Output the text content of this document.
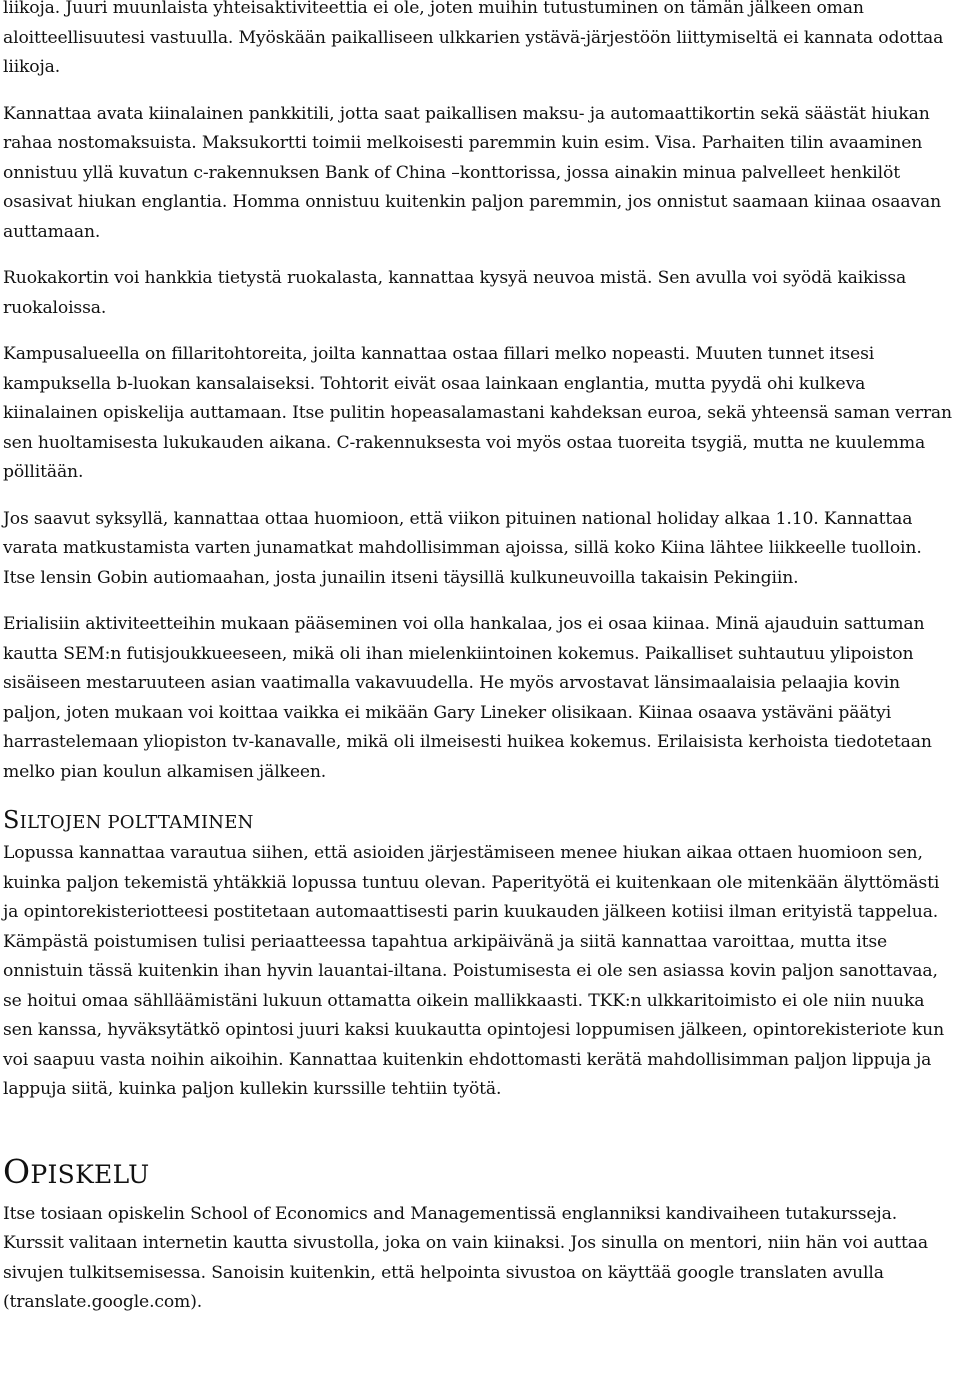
liikoja. Juuri muunlaista yhteisaktiviteettia ei ole, joten muihin tutustuminen on tämän jälkeen oman aloitteellisuutesi vastuulla. Myöskään paikalliseen ulkkarien ystävä-järjestöön liittymiseltä ei kannata odottaa liikoja.

Kannattaa avata kiinalainen pankkitili, jotta saat paikallisen maksu- ja automaattikortin sekä säästät hiukan rahaa nostomaksuista. Maksukortti toimii melkoisesti paremmin kuin esim. Visa. Parhaiten tilin avaaminen onnistuu yllä kuvatun c-rakennuksen Bank of China –konttorissa, jossa ainakin minua palvelleet henkilöt osasivat hiukan englantia. Homma onnistuu kuitenkin paljon paremmin, jos onnistut saamaan kiinaa osaavan auttamaan.

Ruokakortin voi hankkia tietystä ruokalasta, kannattaa kysyä neuvoa mistä. Sen avulla voi syödä kaikissa ruokaloissa.

Kampusalueella on fillaritohtoreita, joilta kannattaa ostaa fillari melko nopeasti. Muuten tunnet itsesi kampuksella b-luokan kansalaiseksi. Tohtorit eivät osaa lainkaan englantia, mutta pyydä ohi kulkeva kiinalainen opiskelija auttamaan. Itse pulitin hopeasalamastani kahdeksan euroa, sekä yhteensä saman verran sen huoltamisesta lukukauden aikana. C-rakennuksesta voi myös ostaa tuoreita tsygiä, mutta ne kuulemma pöllitään.

Jos saavut syksyllä, kannattaa ottaa huomioon, että viikon pituinen national holiday alkaa 1.10. Kannattaa varata matkustamista varten junamatkat mahdollisimman ajoissa, sillä koko Kiina lähtee liikkeelle tuolloin. Itse lensin Gobin autiomaahan, josta junailin itseni täysillä kulkuneuvoilla takaisin Pekingiin.

Erialisiin aktiviteetteihin mukaan pääseminen voi olla hankalaa, jos ei osaa kiinaa. Minä ajauduin sattuman kautta SEM:n futisjoukkueeseen, mikä oli ihan mielenkiintoinen kokemus. Paikalliset suhtautuu ylipoiston sisäiseen mestaruuteen asian vaatimalla vakavuudella. He myös arvostavat länsimaalaisia pelaajia kovin paljon, joten mukaan voi koittaa vaikka ei mikään Gary Lineker olisikaan. Kiinaa osaava ystäväni päätyi harrastelemaan yliopiston tv-kanavalle, mikä oli ilmeisesti huikea kokemus. Erilaisista kerhoista tiedotetaan melko pian koulun alkamisen jälkeen.

SILTOJEN POLTTAMINEN

Lopussa kannattaa varautua siihen, että asioiden järjestämiseen menee hiukan aikaa ottaen huomioon sen, kuinka paljon tekemistä yhtäkkiä lopussa tuntuu olevan. Paperityötä ei kuitenkaan ole mitenkään älyttömästi ja opintorekisteriotteesi postitetaan automaattisesti parin kuukauden jälkeen kotiisi ilman erityistä tappelua. Kämpästä poistumisen tulisi periaatteessa tapahtua arkipäivänä ja siitä kannattaa varoittaa, mutta itse onnistuin tässä kuitenkin ihan hyvin lauantai-iltana. Poistumisesta ei ole sen asiassa kovin paljon sanottavaa, se hoitui omaa sählläämistäni lukuun ottamatta oikein mallikkaasti. TKK:n ulkkaritoimisto ei ole niin nuuka sen kanssa, hyväksytätkö opintosi juuri kaksi kuukautta opintojesi loppumisen jälkeen, opintorekisteriote kun voi saapuu vasta noihin aikoihin. Kannattaa kuitenkin ehdottomasti kerätä mahdollisimman paljon lippuja ja lappuja siitä, kuinka paljon kullekin kurssille tehtiin työtä.

OPISKELU

Itse tosiaan opiskelin School of Economics and Managementissä englanniksi kandivaiheen tutakursseja. Kurssit valitaan internetin kautta sivustolla, joka on vain kiinaksi. Jos sinulla on mentori, niin hän voi auttaa sivujen tulkitsemisessa. Sanoisin kuitenkin, että helpointa sivustoa on käyttää google translaten avulla (translate.google.com).
